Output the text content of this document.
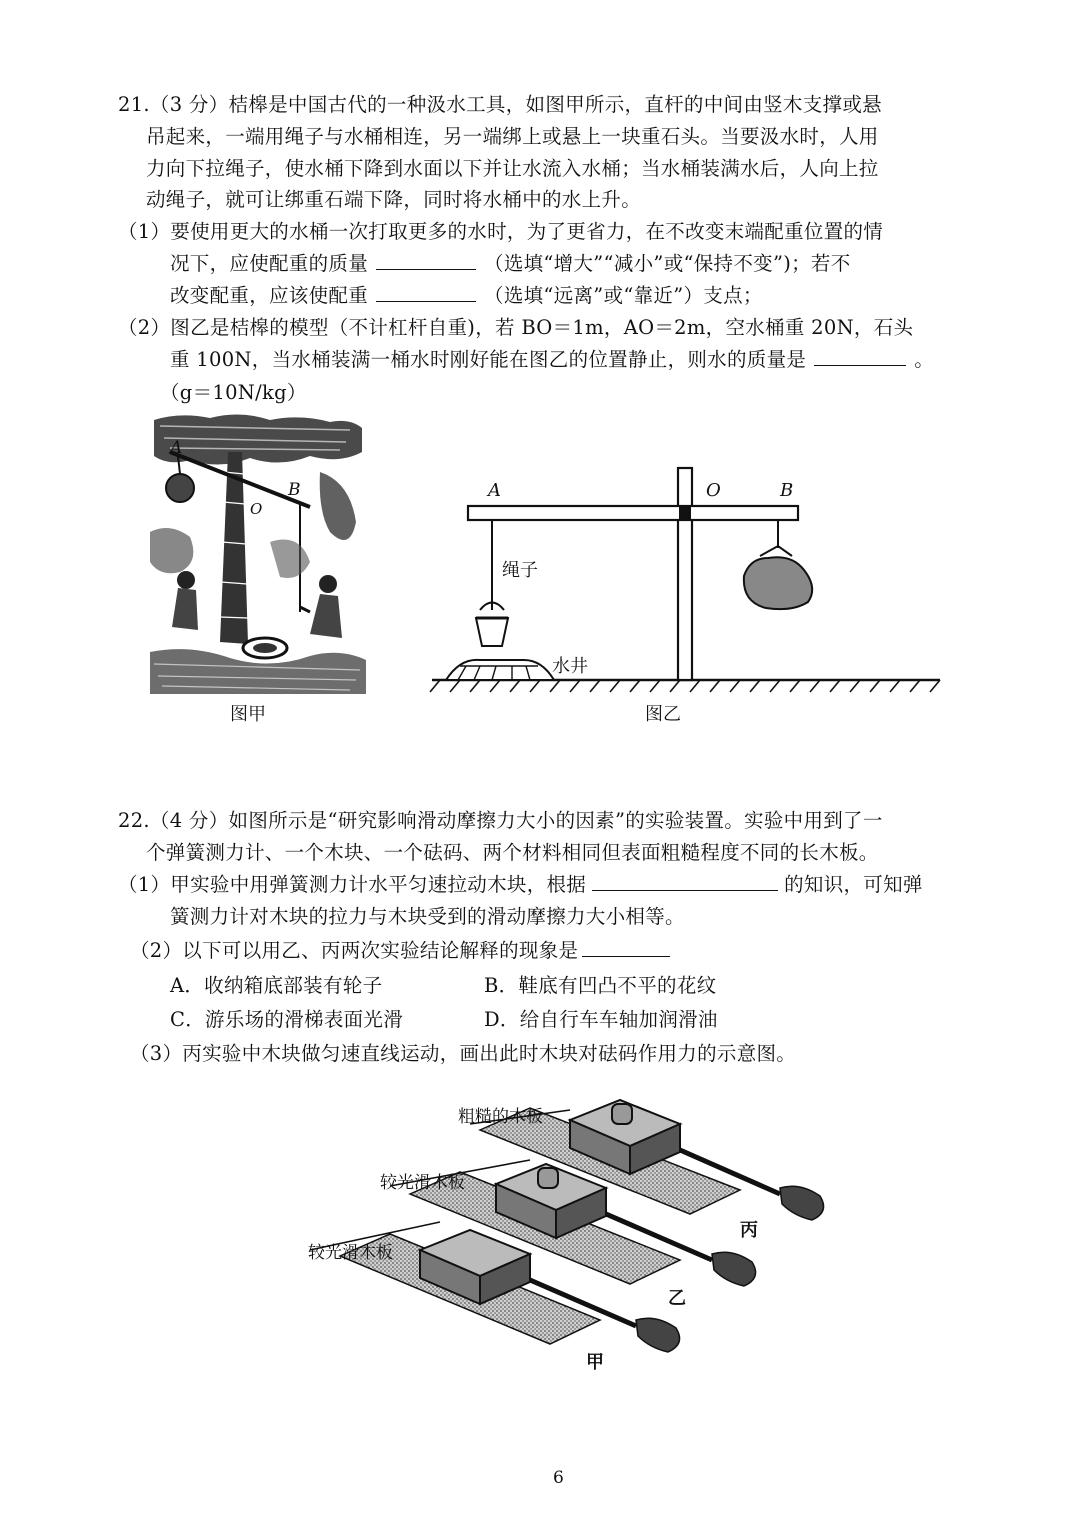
21.（3 分）桔槔是中国古代的一种汲水工具，如图甲所示，直杆的中间由竖木支撑或悬
吊起来，一端用绳子与水桶相连，另一端绑上或悬上一块重石头。当要汲水时，人用
力向下拉绳子，使水桶下降到水面以下并让水流入水桶；当水桶装满水后，人向上拉
动绳子，就可让绑重石端下降，同时将水桶中的水上升。
（1）要使用更大的水桶一次打取更多的水时，为了更省力，在不改变末端配重位置的情
况下，应使配重的质量	（选填“增大”“减小”或“保持不变”)；若不
改变配重，应该使配重	（选填“远离”或“靠近”）支点；
（2）图乙是桔槔的模型（不计杠杆自重)，若 BO＝1m，AO＝2m，空水桶重 20N，石头
重 100N，当水桶装满一桶水时刚好能在图乙的位置静止，则水的质量是	。
（g＝10N/kg）
A
B
O
图甲
A	O	B
绳子
水井
图乙
22.（4 分）如图所示是“研究影响滑动摩擦力大小的因素”的实验装置。实验中用到了一
个弹簧测力计、一个木块、一个砝码、两个材料相同但表面粗糙程度不同的长木板。
（1）甲实验中用弹簧测力计水平匀速拉动木块，根据	的知识，可知弹
簧测力计对木块的拉力与木块受到的滑动摩擦力大小相等。
（2）以下可以用乙、丙两次实验结论解释的现象是
A．收纳箱底部装有轮子	B．鞋底有凹凸不平的花纹
C．游乐场的滑梯表面光滑	D．给自行车车轴加润滑油
（3）丙实验中木块做匀速直线运动，画出此时木块对砝码作用力的示意图。
粗糙的木板
较光滑木板
较光滑木板
丙
乙
甲
6
